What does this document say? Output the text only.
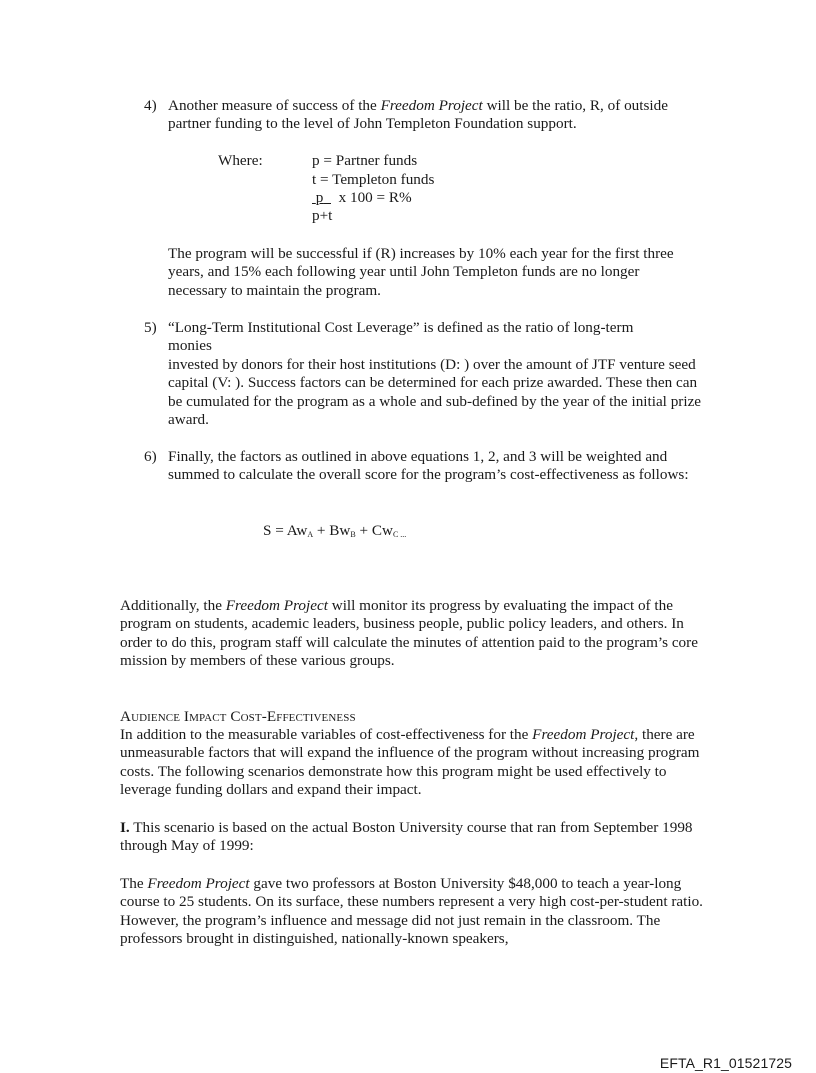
4) Another measure of success of the Freedom Project will be the ratio, R, of outside partner funding to the level of John Templeton Foundation support.

Where:	p = Partner funds
t = Templeton funds
p x 100 = R%
p+t

The program will be successful if (R) increases by 10% each year for the first three years, and 15% each following year until John Templeton funds are no longer necessary to maintain the program.

5) “Long-Term Institutional Cost Leverage” is defined as the ratio of long-term monies

invested by donors for their host institutions (D: ) over the amount of JTF venture seed capital (V: ). Success factors can be determined for each prize awarded. These then can be cumulated for the program as a whole and sub-defined by the year of the initial prize award.

6) Finally, the factors as outlined in above equations 1, 2, and 3 will be weighted and summed to calculate the overall score for the program’s cost-effectiveness as follows:

$S = Aw_A + Bw_B + Cw_{C ...}$

Additionally, the Freedom Project will monitor its progress by evaluating the impact of the program on students, academic leaders, business people, public policy leaders, and others. In order to do this, program staff will calculate the minutes of attention paid to the program’s core mission by members of these various groups.

Audience Impact Cost-Effectiveness

In addition to the measurable variables of cost-effectiveness for the Freedom Project, there are unmeasurable factors that will expand the influence of the program without increasing program costs. The following scenarios demonstrate how this program might be used effectively to leverage funding dollars and expand their impact.

I. This scenario is based on the actual Boston University course that ran from September 1998 through May of 1999:

The Freedom Project gave two professors at Boston University $48,000 to teach a year-long course to 25 students. On its surface, these numbers represent a very high cost-per-student ratio. However, the program’s influence and message did not just remain in the classroom. The professors brought in distinguished, nationally-known speakers,

EFTA_R1_01521725
